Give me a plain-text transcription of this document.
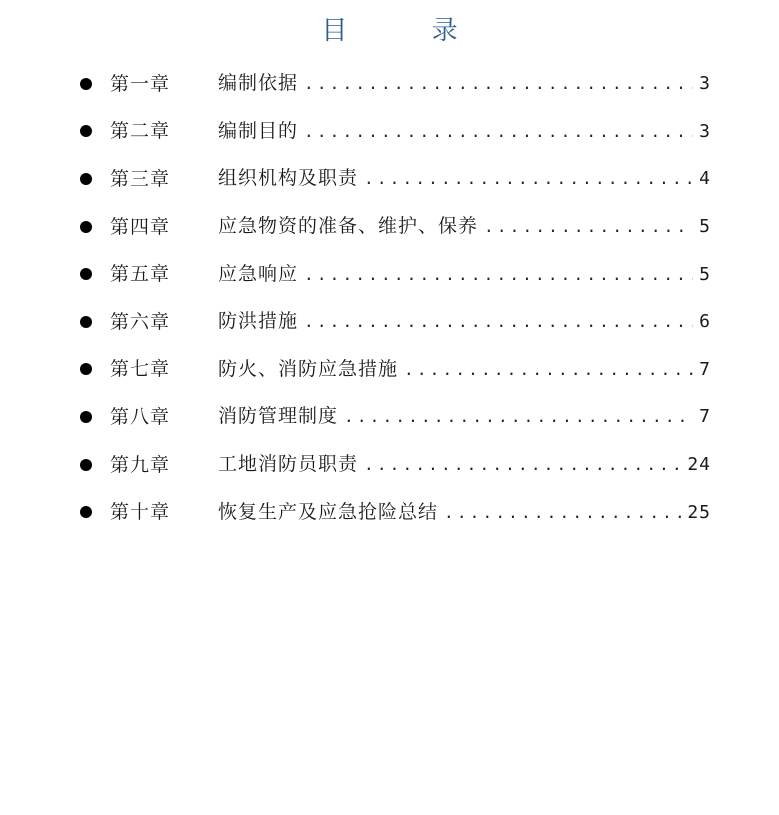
目 录
第一章	编制依据 .....	3
第二章	编制目的 .....	3
第三章	组织机构及职责 .....	4
第四章	应急物资的准备、维护、保养 .....	5
第五章	应急响应 .....	5
第六章	防洪措施 .....	6
第七章	防火、消防应急措施 .....	7
第八章	消防管理制度 .....	7
第九章	工地消防员职责 .....	24
第十章	恢复生产及应急抢险总结 .....	25
